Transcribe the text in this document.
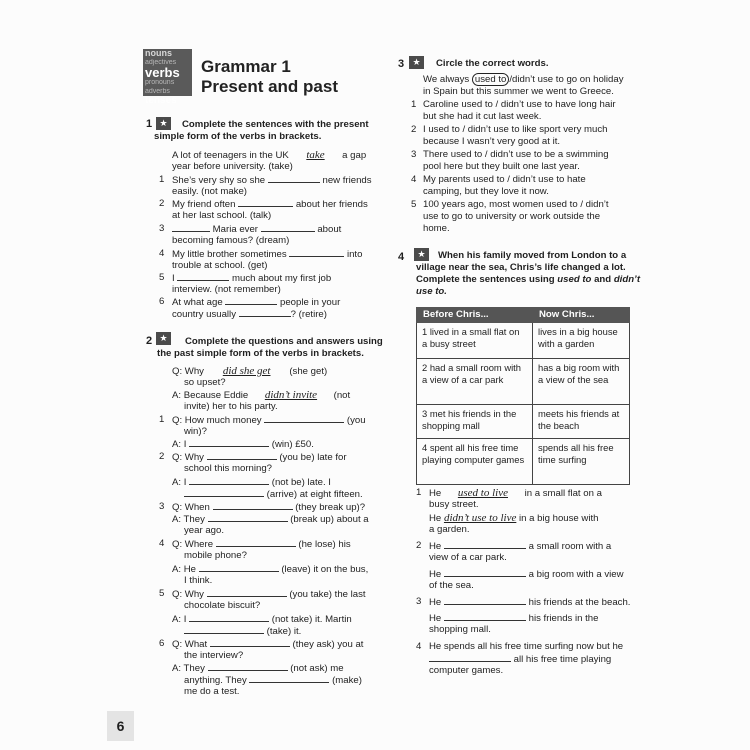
nouns
adjectives
verbs
pronouns
adverbs
tenses
Grammar 1
Present and past
1 ★	Complete the sentences with the present
simple form of the verbs in brackets.
A lot of teenagers in the UK take a gap
year before university. (take)
1 She’s very shy so she	new friends
easily. (not make)
2 My friend often	about her friends
at her last school. (talk)
3	Maria ever	about
becoming famous? (dream)
4 My little brother sometimes	into
trouble at school. (get)
5 I	much about my first job
interview. (not remember)
6 At what age	people in your
country usually	? (retire)
2 ★	Complete the questions and answers using
the past simple form of the verbs in brackets.
Q: Why did she get (she get)
so upset?
A: Because Eddie didn’t invite (not
invite) her to his party.
1 Q: How much money	(you
win)?
A: I	(win) £50.
2 Q: Why	(you be) late for
school this morning?
A: I	(not be) late. I
(arrive) at eight fifteen.
3 Q: When	(they break up)?
A: They	(break up) about a
year ago.
4 Q: Where	(he lose) his
mobile phone?
A: He	(leave) it on the bus,
I think.
5 Q: Why	(you take) the last
chocolate biscuit?
A: I	(not take) it. Martin
(take) it.
6 Q: What	(they ask) you at
the interview?
A: They	(not ask) me
anything. They	(make)
me do a test.
3 ★	Circle the correct words.
We always used to /didn’t use to go on holiday
in Spain but this summer we went to Greece.
1 Caroline used to / didn’t use to have long hair
but she had it cut last week.
2 I used to / didn’t use to like sport very much
because I wasn’t very good at it.
3 There used to / didn’t use to be a swimming
pool here but they built one last year.
4 My parents used to / didn’t use to hate
camping, but they love it now.
5 100 years ago, most women used to / didn’t
use to go to university or work outside the
home.
4	★	When his family moved from London to a
village near the sea, Chris’s life changed a lot.
Complete the sentences using used to and didn’t
use to.
Before Chris...	Now Chris...
1 lived in a small flat on a busy street	lives in a big house with a garden
2 had a small room with a view of a car park	has a big room with a view of the sea
3 met his friends in the shopping mall	meets his friends at the beach
4 spent all his free time playing computer games	spends all his free time surfing
1 He used to live in a small flat on a
busy street.
He didn’t use to live in a big house with
a garden.
2 He	a small room with a
view of a car park.
He	a big room with a view
of the sea.
3 He	his friends at the beach.
He	his friends in the
shopping mall.
4 He spends all his free time surfing now but he
all his free time playing
computer games.
6
